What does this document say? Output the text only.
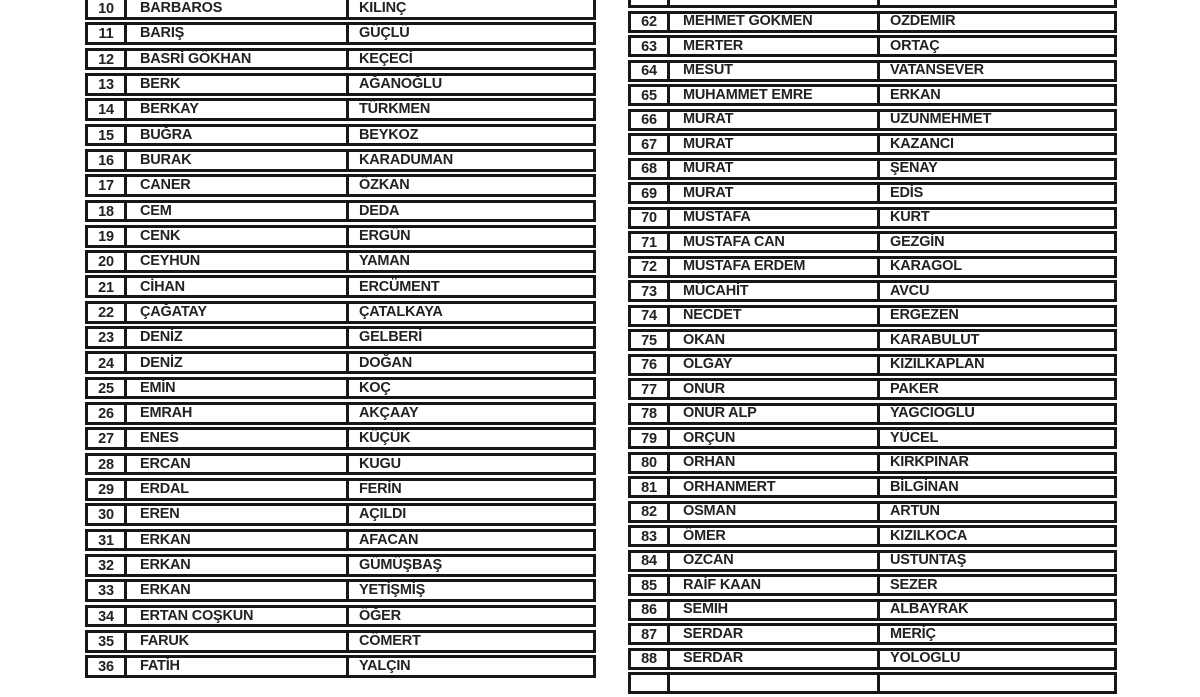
10	BARBAROS	KILINÇ
11	BARIŞ	GÜÇLÜ
12	BASRİ GÖKHAN	KEÇECİ
13	BERK	AĞANOĞLU
14	BERKAY	TÜRKMEN
15	BUĞRA	BEYKOZ
16	BURAK	KARADUMAN
17	CANER	ÖZKAN
18	CEM	DEDA
19	CENK	ERGÜN
20	CEYHUN	YAMAN
21	CİHAN	ERCÜMENT
22	ÇAĞATAY	ÇATALKAYA
23	DENİZ	GELBERİ
24	DENİZ	DOĞAN
25	EMİN	KOÇ
26	EMRAH	AKÇAAY
27	ENES	KÜÇÜK
28	ERCAN	KUGU
29	ERDAL	FERİN
30	EREN	AÇILDI
31	ERKAN	AFACAN
32	ERKAN	GÜMÜŞBAŞ
33	ERKAN	YETİŞMİŞ
34	ERTAN COŞKUN	ÖĞER
35	FARUK	CÖMERT
36	FATİH	YALÇIN
62	MEHMET GÖKMEN	ÖZDEMİR
63	MERTER	ORTAÇ
64	MESUT	VATANSEVER
65	MUHAMMET EMRE	ERKAN
66	MURAT	UZUNMEHMET
67	MURAT	KAZANCI
68	MURAT	ŞENAY
69	MURAT	EDİS
70	MUSTAFA	KURT
71	MUSTAFA CAN	GEZGİN
72	MUSTAFA ERDEM	KARAGÖL
73	MÜCAHİT	AVCU
74	NECDET	ERGEZEN
75	OKAN	KARABULUT
76	OLGAY	KIZILKAPLAN
77	ONUR	PAKER
78	ONUR ALP	YAĞCIOĞLU
79	ORÇUN	YÜCEL
80	ORHAN	KIRKPINAR
81	ORHANMERT	BİLGİNAN
82	OSMAN	ARTÜN
83	ÖMER	KIZILKOCA
84	ÖZCAN	ÜSTÜNTAŞ
85	RAİF KAAN	SEZER
86	SEMİH	ALBAYRAK
87	SERDAR	MERİÇ
88	SERDAR	YOLOĞLU
